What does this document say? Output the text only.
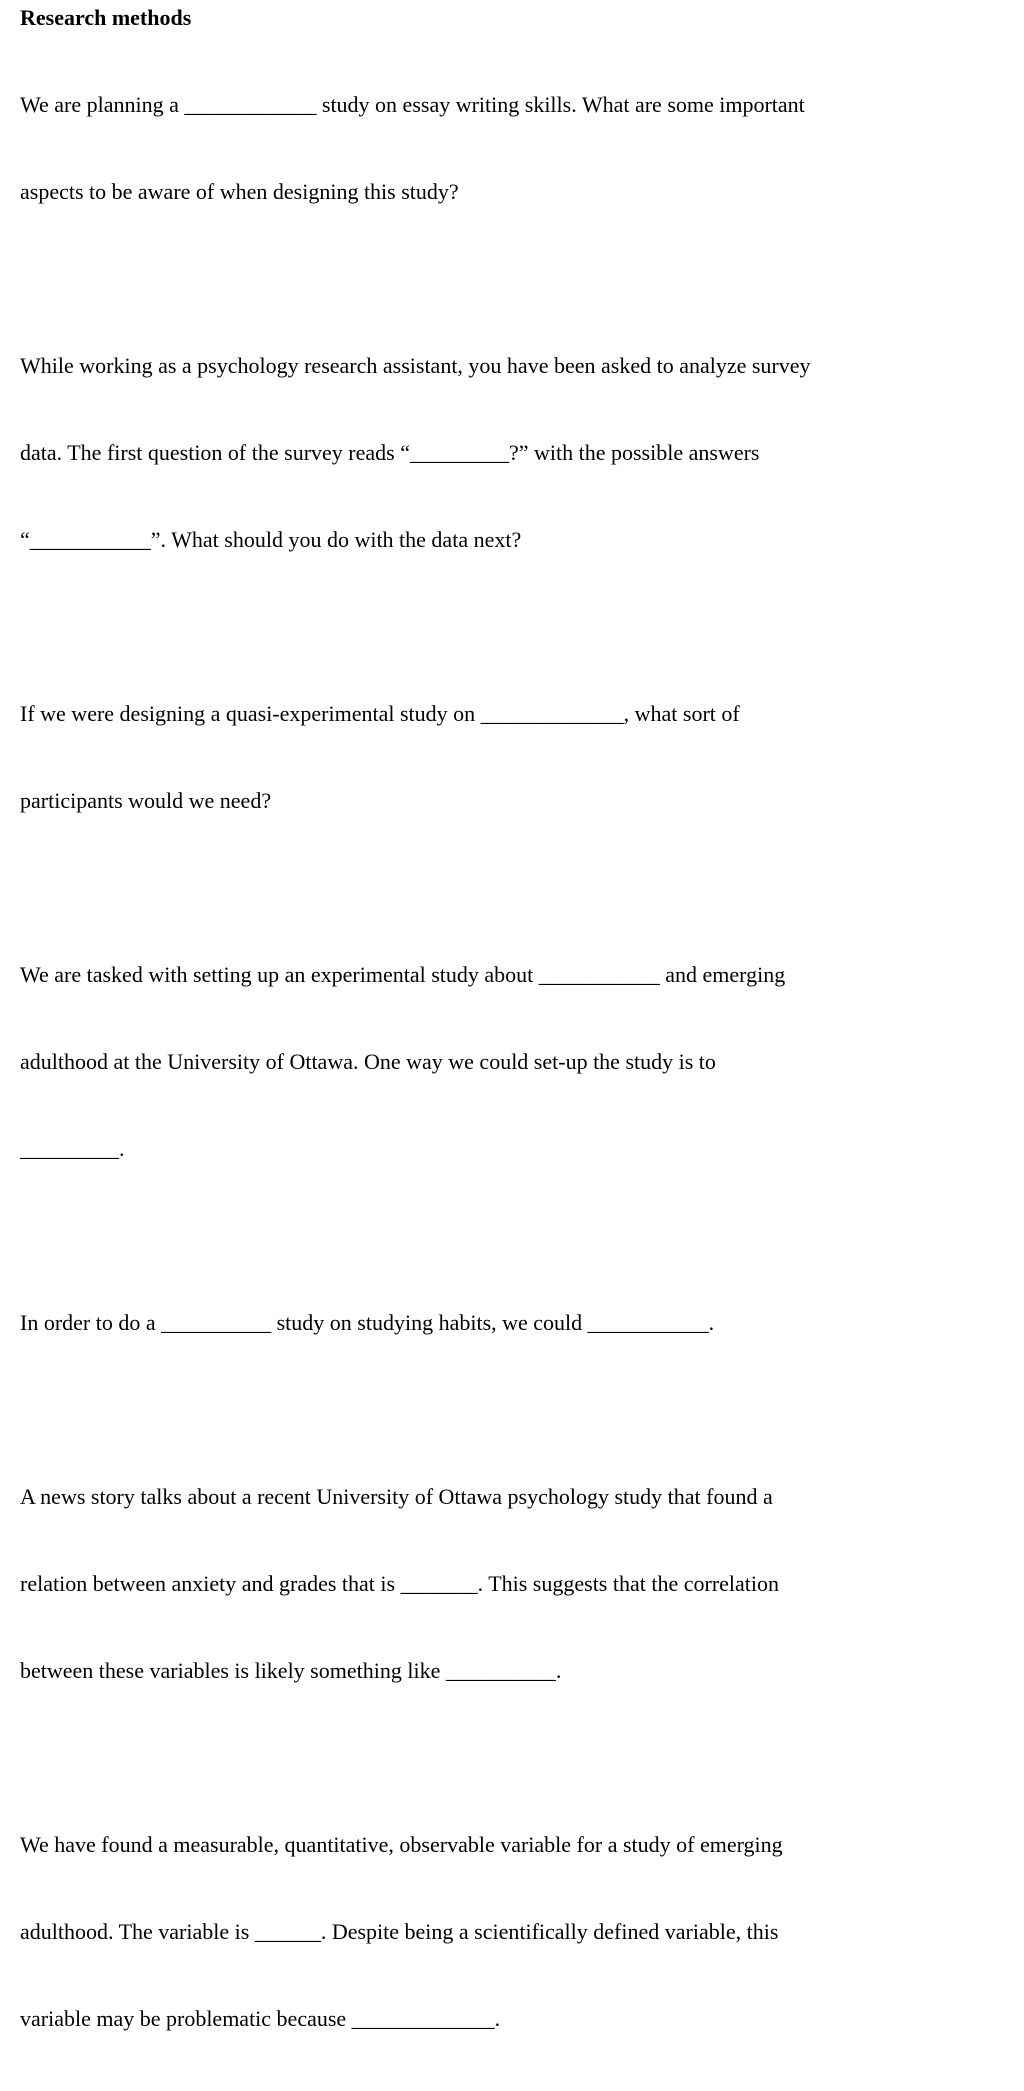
Research methods

We are planning a ____________ study on essay writing skills. What are some important

aspects to be aware of when designing this study?

While working as a psychology research assistant, you have been asked to analyze survey

data. The first question of the survey reads “_________?” with the possible answers

“___________”. What should you do with the data next?

If we were designing a quasi-experimental study on _____________, what sort of

participants would we need?

We are tasked with setting up an experimental study about ___________ and emerging

adulthood at the University of Ottawa. One way we could set-up the study is to

_________.

In order to do a __________ study on studying habits, we could ___________.

A news story talks about a recent University of Ottawa psychology study that found a

relation between anxiety and grades that is _______. This suggests that the correlation

between these variables is likely something like __________.

We have found a measurable, quantitative, observable variable for a study of emerging

adulthood. The variable is ______. Despite being a scientifically defined variable, this

variable may be problematic because _____________.
